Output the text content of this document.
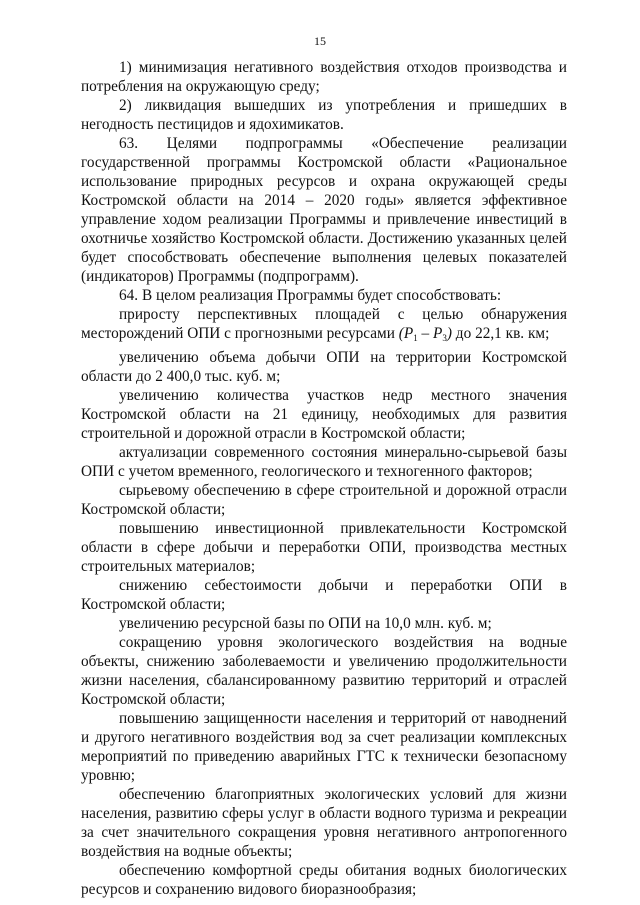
15

1) минимизация негативного воздействия отходов производства и потребления на окружающую среду;

2) ликвидация вышедших из употребления и пришедших в негодность пестицидов и ядохимикатов.

63. Целями подпрограммы «Обеспечение реализации государственной программы Костромской области «Рациональное использование природных ресурсов и охрана окружающей среды Костромской области на 2014 – 2020 годы» является эффективное управление ходом реализации Программы и привлечение инвестиций в охотничье хозяйство Костромской области. Достижению указанных целей будет способствовать обеспечение выполнения целевых показателей (индикаторов) Программы (подпрограмм).

64. В целом реализация Программы будет способствовать:

приросту перспективных площадей с целью обнаружения месторождений ОПИ с прогнозными ресурсами $(P_1 - P_3)$ до 22,1 кв. км;

увеличению объема добычи ОПИ на территории Костромской области до 2 400,0 тыс. куб. м;

увеличению количества участков недр местного значения Костромской области на 21 единицу, необходимых для развития строительной и дорожной отрасли в Костромской области;

актуализации современного состояния минерально-сырьевой базы ОПИ с учетом временного, геологического и техногенного факторов;

сырьевому обеспечению в сфере строительной и дорожной отрасли Костромской области;

повышению инвестиционной привлекательности Костромской области в сфере добычи и переработки ОПИ, производства местных строительных материалов;

снижению себестоимости добычи и переработки ОПИ в Костромской области;

увеличению ресурсной базы по ОПИ на 10,0 млн. куб. м;

сокращению уровня экологического воздействия на водные объекты, снижению заболеваемости и увеличению продолжительности жизни населения, сбалансированному развитию территорий и отраслей Костромской области;

повышению защищенности населения и территорий от наводнений и другого негативного воздействия вод за счет реализации комплексных мероприятий по приведению аварийных ГТС к технически безопасному уровню;

обеспечению благоприятных экологических условий для жизни населения, развитию сферы услуг в области водного туризма и рекреации за счет значительного сокращения уровня негативного антропогенного воздействия на водные объекты;

обеспечению комфортной среды обитания водных биологических ресурсов и сохранению видового биоразнообразия;
